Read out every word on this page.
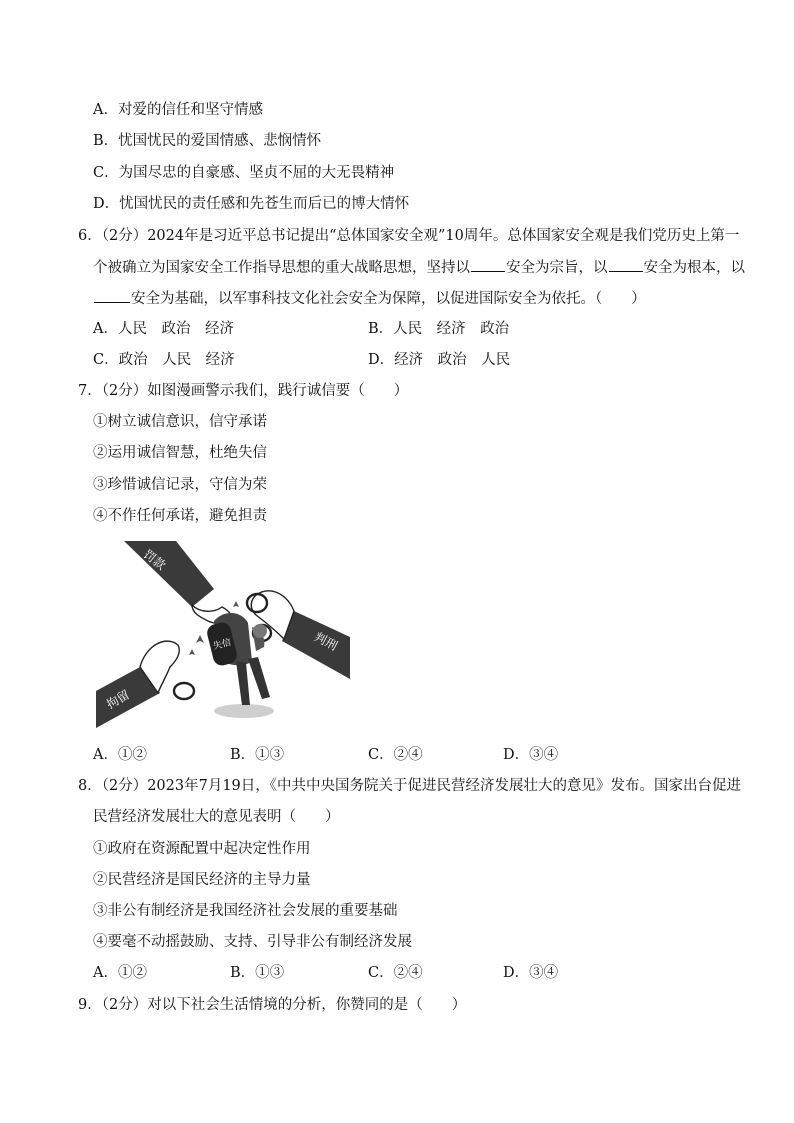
A．对爱的信任和坚守情感
B．忧国忧民的爱国情感、悲悯情怀
C．为国尽忠的自豪感、坚贞不屈的大无畏精神
D．忧国忧民的责任感和先苍生而后已的博大情怀
6．（2分）2024年是习近平总书记提出“总体国家安全观”10周年。总体国家安全观是我们党历史上第一
个被确立为国家安全工作指导思想的重大战略思想，坚持以 安全为宗旨，以 安全为根本，以
安全为基础，以军事科技文化社会安全为保障，以促进国际安全为依托。（　　）
A．人民　政治　经济	B．人民　经济　政治
C．政治　人民　经济	D．经济　政治　人民
7．（2分）如图漫画警示我们，践行诚信要（　　）
①树立诚信意识，信守承诺
②运用诚信智慧，杜绝失信
③珍惜诚信记录，守信为荣
④不作任何承诺，避免担责
罚款
判刑
拘留
失信
A．①②	B．①③	C．②④	D．③④
8．（2分）2023年7月19日，《中共中央国务院关于促进民营经济发展壮大的意见》发布。国家出台促进
民营经济发展壮大的意见表明（　　）
①政府在资源配置中起决定性作用
②民营经济是国民经济的主导力量
③非公有制经济是我国经济社会发展的重要基础
④要毫不动摇鼓励、支持、引导非公有制经济发展
A．①②	B．①③	C．②④	D．③④
9．（2分）对以下社会生活情境的分析，你赞同的是（　　）
